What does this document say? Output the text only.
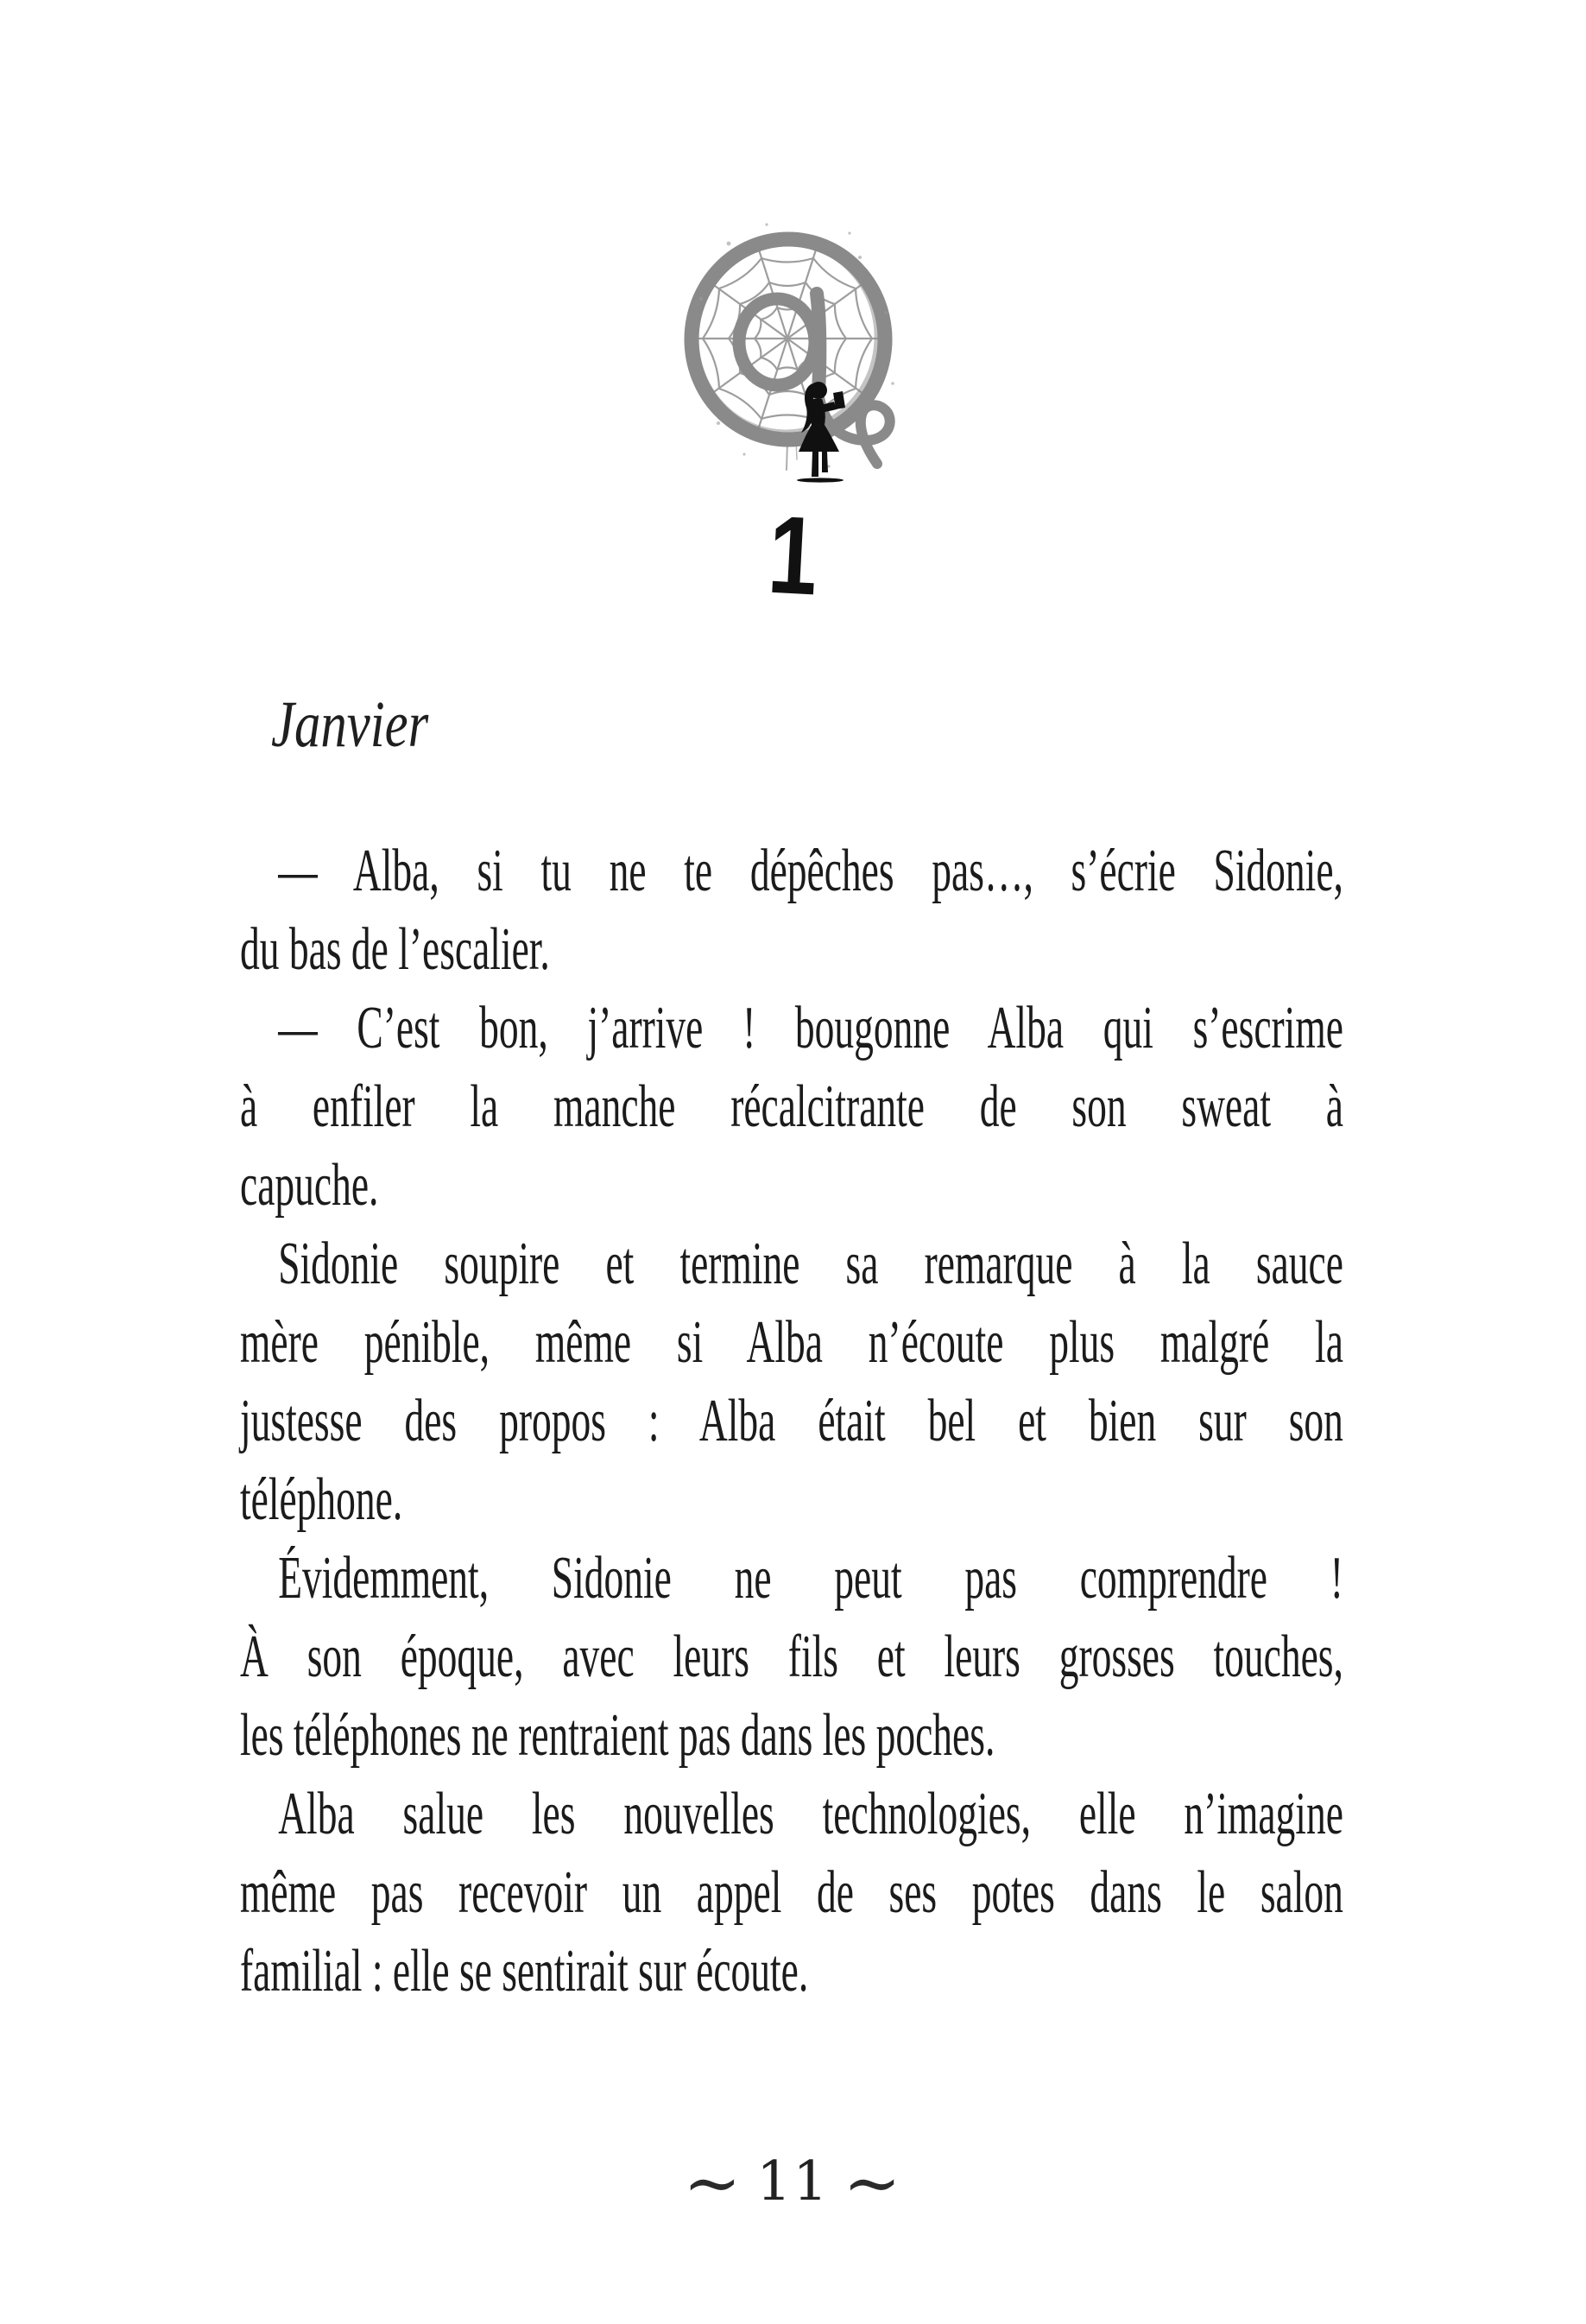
1
Janvier
— Alba, si tu ne te dépêches pas…, s’écrie Sidonie,
du bas de l’escalier.
— C’est bon, j’arrive ! bougonne Alba qui s’escrime
à enfiler la manche récalcitrante de son sweat à
capuche.
Sidonie soupire et termine sa remarque à la sauce
mère pénible, même si Alba n’écoute plus malgré la
justesse des propos : Alba était bel et bien sur son
téléphone.
Évidemment, Sidonie ne peut pas comprendre !
À son époque, avec leurs fils et leurs grosses touches,
les téléphones ne rentraient pas dans les poches.
Alba salue les nouvelles technologies, elle n’imagine
même pas recevoir un appel de ses potes dans le salon
familial : elle se sentirait sur écoute.
∼ 11 ∼
